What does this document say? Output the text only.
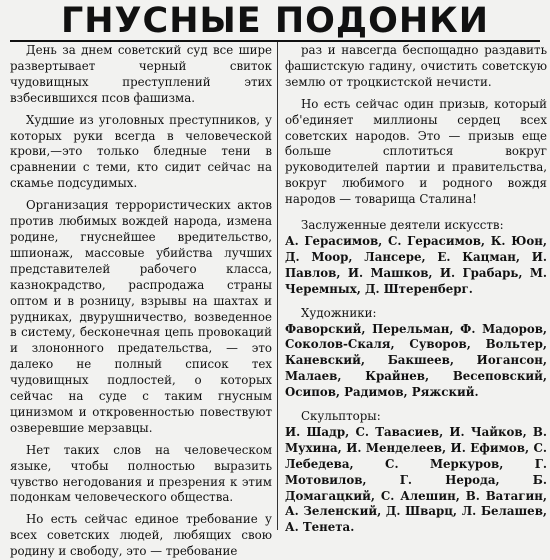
ГНУСНЫЕ ПОДОНКИ

День за днем советский суд все шире развертывает черный свиток чудовищных преступлений этих взбесившихся псов фашизма.

Худшие из уголовных преступников, у которых руки всегда в человеческой крови,—это только бледные тени в сравнении с теми, кто сидит сейчас на скамье подсудимых.

Организация террористических актов против любимых вождей народа, измена родине, гнуснейшее вредительство, шпионаж, массовые убийства лучших представителей рабочего класса, казнокрадство, распродажа страны оптом и в розницу, взрывы на шахтах и рудниках, двурушничество, возведенное в систему, бесконечная цепь провокаций и злононного предательства, — это далеко не полный список тех чудовищных подлостей, о которых сейчас на суде с таким гнусным цинизмом и откровенностью повествуют озверевшие мерзавцы.

Нет таких слов на человеческом языке, чтобы полностью выразить чувство негодования и презрения к этим подонкам человеческого общества.

Но есть сейчас единое требование у всех советских людей, любящих свою родину и свободу, это — требование

раз и навсегда беспощадно раздавить фашистскую гадину, очистить советскую землю от троцкистской нечисти.

Но есть сейчас один призыв, который об'единяет миллионы сердец всех советских народов. Это — призыв еще больше сплотиться вокруг руководителей партии и правительства, вокруг любимого и родного вождя народов — товарища Сталина!

Заслуженные деятели искусств:

А. Герасимов, С. Герасимов, К. Юон, Д. Моор, Лансере, Е. Кацман, И. Павлов, И. Машков, И. Грабарь, М. Черемных, Д. Штеренберг.

Художники:

Фаворский, Перельман, Ф. Мадоров, Соколов-Скаля, Суворов, Вольтер, Каневский, Бакшеев, Иогансон, Малаев, Крайнев, Весеповский, Осипов, Радимов, Ряжский.

Скульпторы:

И. Шадр, С. Тавасиев, И. Чайков, В. Мухина, И. Менделеев, И. Ефимов, С. Лебедева, С. Меркуров, Г. Мотовилов, Г. Нерода, Б. Домагацкий, С. Алешин, В. Ватагин, А. Зеленский, Д. Шварц, Л. Белашев, А. Тенета.
